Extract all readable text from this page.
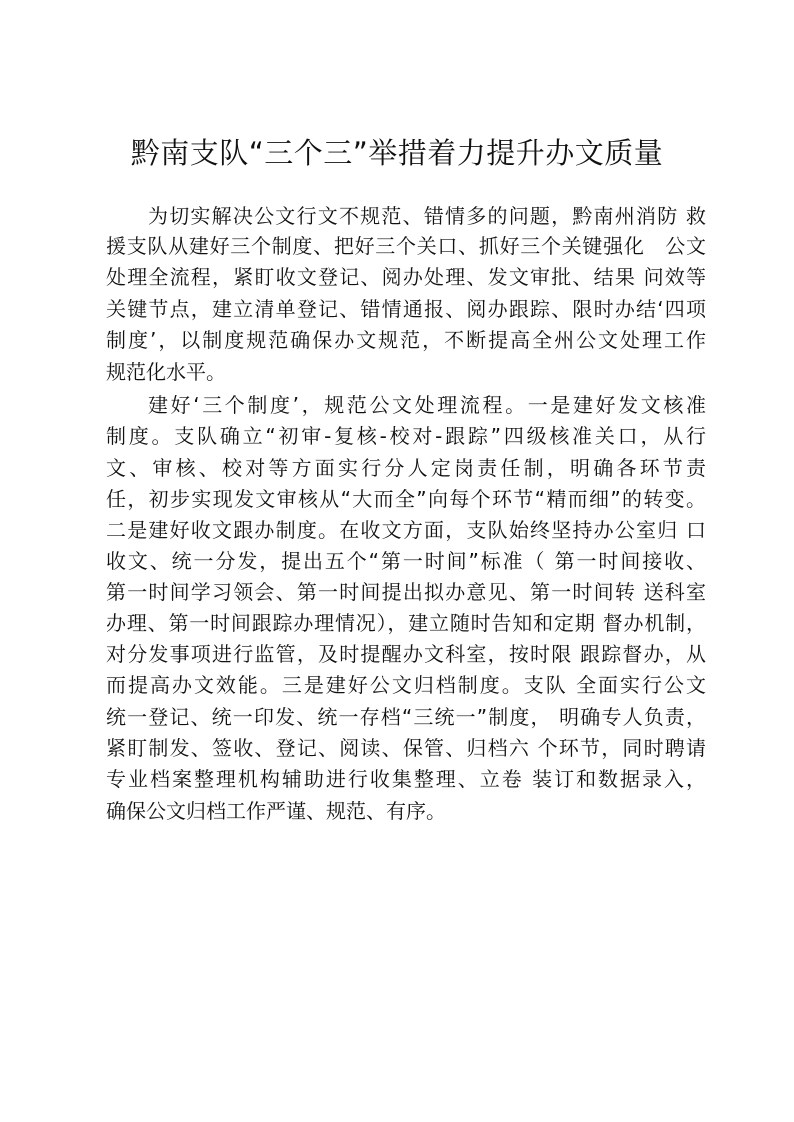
黔南支队“三个三”举措着力提升办文质量

为切实解决公文行文不规范、错情多的问题，黔南州消防 救

援支队从建好三个制度、把好三个关口、抓好三个关键强化　公文

处理全流程，紧盯收文登记、阅办处理、发文审批、结果 问效等

关键节点，建立清单登记、错情通报、阅办跟踪、限时办结‘四项

制度’，以制度规范确保办文规范，不断提高全州公文处理工作

规范化水平。

建好‘三个制度’，规范公文处理流程。一是建好发文核准

制度。支队确立“初审-复核-校对-跟踪”四级核准关口，从行

文、审核、校对等方面实行分人定岗责任制，明确各环节责

任，初步实现发文审核从“大而全”向每个环节“精而细”的转变。

二是建好收文跟办制度。在收文方面，支队始终坚持办公室归 口

收文、统一分发，提出五个“第一时间”标准（ 第一时间接收、

第一时间学习领会、第一时间提出拟办意见、第一时间转 送科室

办理、第一时间跟踪办理情况），建立随时告知和定期 督办机制，

对分发事项进行监管，及时提醒办文科室，按时限 跟踪督办，从

而提高办文效能。三是建好公文归档制度。支队 全面实行公文

统一登记、统一印发、统一存档“三统一”制度， 明确专人负责，

紧盯制发、签收、登记、阅读、保管、归档六 个环节，同时聘请

专业档案整理机构辅助进行收集整理、立卷 装订和数据录入，

确保公文归档工作严谨、规范、有序。
